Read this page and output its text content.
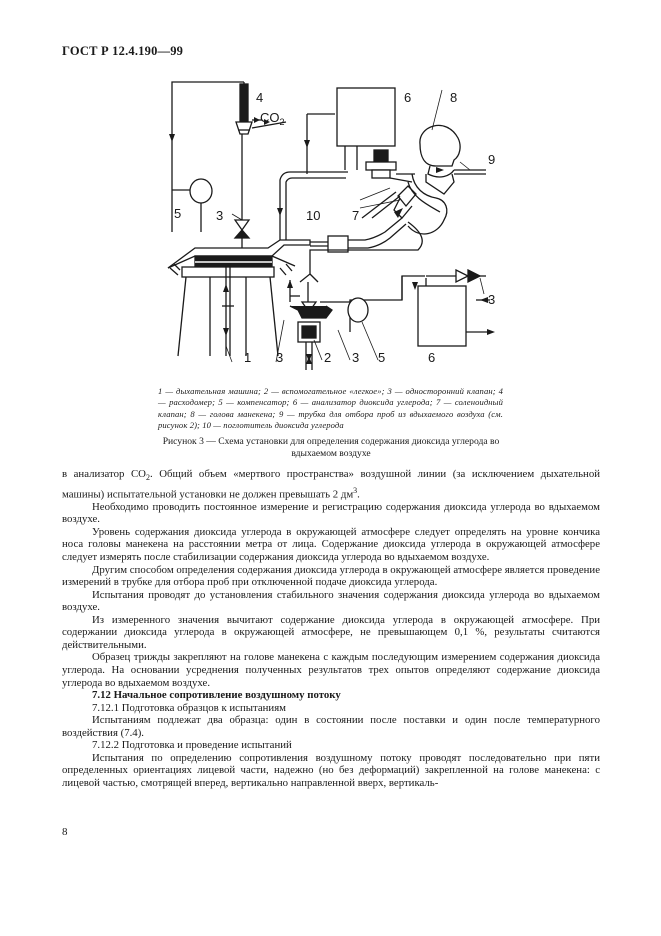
ГОСТ Р 12.4.190—99
1	2
3	3
3
3
4
5
5
6
6
7
8
9
10
$CO_2$
1 — дыхательная машина; 2 — вспомогательное «легкое»; 3 — односторонний клапан; 4 — расходомер; 5 — компенсатор; 6 — анализатор диоксида углерода; 7 — соленоидный клапан; 8 — голова манекена; 9 — трубка для отбора проб из вдыхаемого воздуха (см. рисунок 2); 10 — поглотитель диоксида углерода
Рисунок 3 — Схема установки для определения содержания диоксида углерода во вдыхаемом воздухе

в анализатор $CO_2$. Общий объем «мертвого пространства» воздушной линии (за исключением дыхательной машины) испытательной установки не должен превышать 2 $дм^3$.

Необходимо проводить постоянное измерение и регистрацию содержания диоксида углерода во вдыхаемом воздухе.

Уровень содержания диоксида углерода в окружающей атмосфере следует определять на уровне кончика носа головы манекена на расстоянии метра от лица. Содержание диоксида углерода в окружающей атмосфере следует измерять после стабилизации содержания диоксида углерода во вдыхаемом воздухе.

Другим способом определения содержания диоксида углерода в окружающей атмосфере является проведение измерений в трубке для отбора проб при отключенной подаче диоксида углерода.

Испытания проводят до установления стабильного значения содержания диоксида углерода во вдыхаемом воздухе.

Из измеренного значения вычитают содержание диоксида углерода в окружающей атмосфере. При содержании диоксида углерода в окружающей атмосфере, не превышающем 0,1 %, результаты считаются действительными.

Образец трижды закрепляют на голове манекена с каждым последующим измерением содержания диоксида углерода. На основании усреднения полученных результатов трех опытов определяют содержание диоксида углерода во вдыхаемом воздухе.

7.12 Начальное сопротивление воздушному потоку

7.12.1 Подготовка образцов к испытаниям

Испытаниям подлежат два образца: один в состоянии после поставки и один после температурного воздействия (7.4).

7.12.2 Подготовка и проведение испытаний

Испытания по определению сопротивления воздушному потоку проводят последовательно при пяти определенных ориентациях лицевой части, надежно (но без деформаций) закрепленной на голове манекена: с лицевой частью, смотрящей вперед, вертикально направленной вверх, вертикаль-

8
